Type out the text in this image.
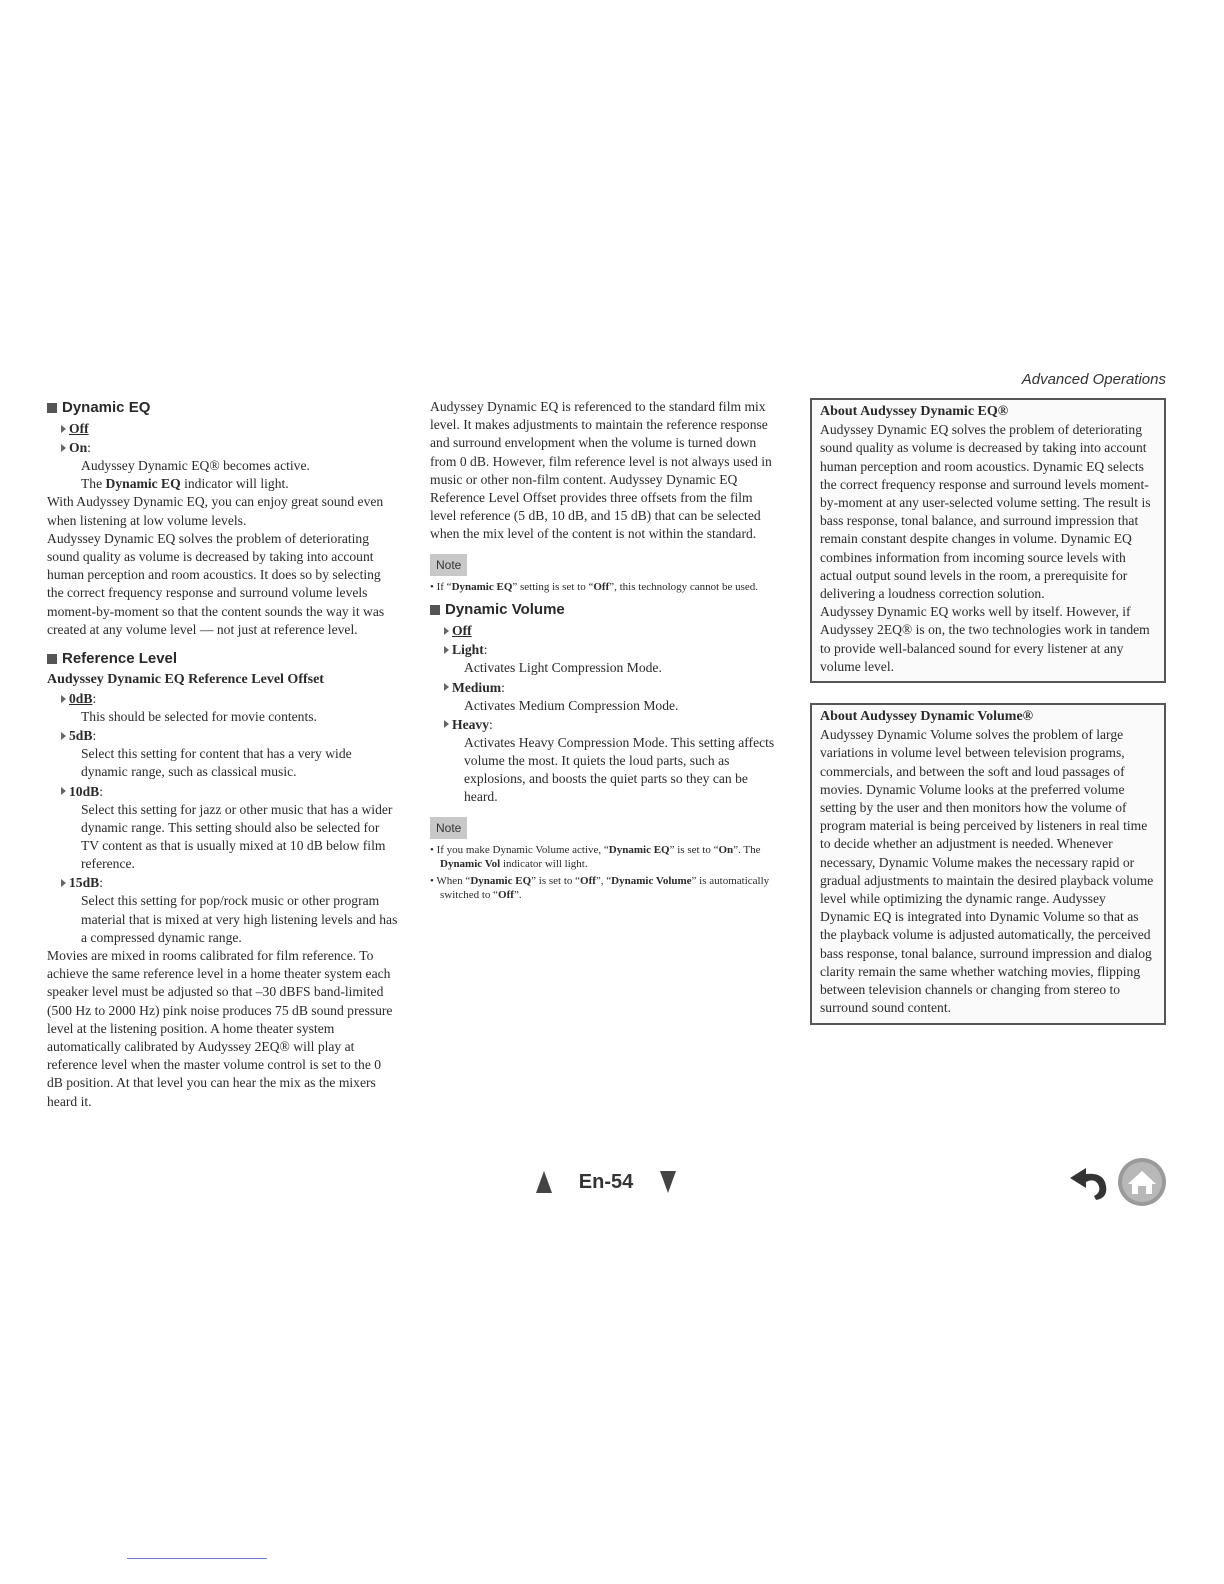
Advanced Operations
Dynamic EQ
Off
On :

Audyssey Dynamic EQ® becomes active.

The Dynamic EQ indicator will light.

With Audyssey Dynamic EQ, you can enjoy great sound even when listening at low volume levels.

Audyssey Dynamic EQ solves the problem of deteriorating sound quality as volume is decreased by taking into account human perception and room acoustics. It does so by selecting the correct frequency response and surround volume levels moment-by-moment so that the content sounds the way it was created at any volume level — not just at reference level.

Reference Level
Audyssey Dynamic EQ Reference Level Offset
0dB :

This should be selected for movie contents.

5dB :

Select this setting for content that has a very wide dynamic range, such as classical music.

10dB :

Select this setting for jazz or other music that has a wider dynamic range. This setting should also be selected for TV content as that is usually mixed at 10 dB below film reference.

15dB :

Select this setting for pop/rock music or other program material that is mixed at very high listening levels and has a compressed dynamic range.

Movies are mixed in rooms calibrated for film reference. To achieve the same reference level in a home theater system each speaker level must be adjusted so that –30 dBFS band-limited (500 Hz to 2000 Hz) pink noise produces 75 dB sound pressure level at the listening position. A home theater system automatically calibrated by Audyssey 2EQ® will play at reference level when the master volume control is set to the 0 dB position. At that level you can hear the mix as the mixers heard it.

Audyssey Dynamic EQ is referenced to the standard film mix level. It makes adjustments to maintain the reference response and surround envelopment when the volume is turned down from 0 dB. However, film reference level is not always used in music or other non-film content. Audyssey Dynamic EQ Reference Level Offset provides three offsets from the film level reference (5 dB, 10 dB, and 15 dB) that can be selected when the mix level of the content is not within the standard.

Note
• If “Dynamic EQ” setting is set to “Off”, this technology cannot be used.
Dynamic Volume
Off
Light :

Activates Light Compression Mode.

Medium :

Activates Medium Compression Mode.

Heavy :

Activates Heavy Compression Mode. This setting affects volume the most. It quiets the loud parts, such as explosions, and boosts the quiet parts so they can be heard.

Note
• If you make Dynamic Volume active, “Dynamic EQ” is set to “On”. The Dynamic Vol indicator will light.
• When “Dynamic EQ” is set to “Off”, “Dynamic Volume” is automatically switched to “Off”.
About Audyssey Dynamic EQ®

Audyssey Dynamic EQ solves the problem of deteriorating sound quality as volume is decreased by taking into account human perception and room acoustics. Dynamic EQ selects the correct frequency response and surround levels moment-by-moment at any user-selected volume setting. The result is bass response, tonal balance, and surround impression that remain constant despite changes in volume. Dynamic EQ combines information from incoming source levels with actual output sound levels in the room, a prerequisite for delivering a loudness correction solution.

Audyssey Dynamic EQ works well by itself. However, if Audyssey 2EQ® is on, the two technologies work in tandem to provide well-balanced sound for every listener at any volume level.

About Audyssey Dynamic Volume®

Audyssey Dynamic Volume solves the problem of large variations in volume level between television programs, commercials, and between the soft and loud passages of movies. Dynamic Volume looks at the preferred volume setting by the user and then monitors how the volume of program material is being perceived by listeners in real time to decide whether an adjustment is needed. Whenever necessary, Dynamic Volume makes the necessary rapid or gradual adjustments to maintain the desired playback volume level while optimizing the dynamic range. Audyssey Dynamic EQ is integrated into Dynamic Volume so that as the playback volume is adjusted automatically, the perceived bass response, tonal balance, surround impression and dialog clarity remain the same whether watching movies, flipping between television channels or changing from stereo to surround sound content.

En-54
